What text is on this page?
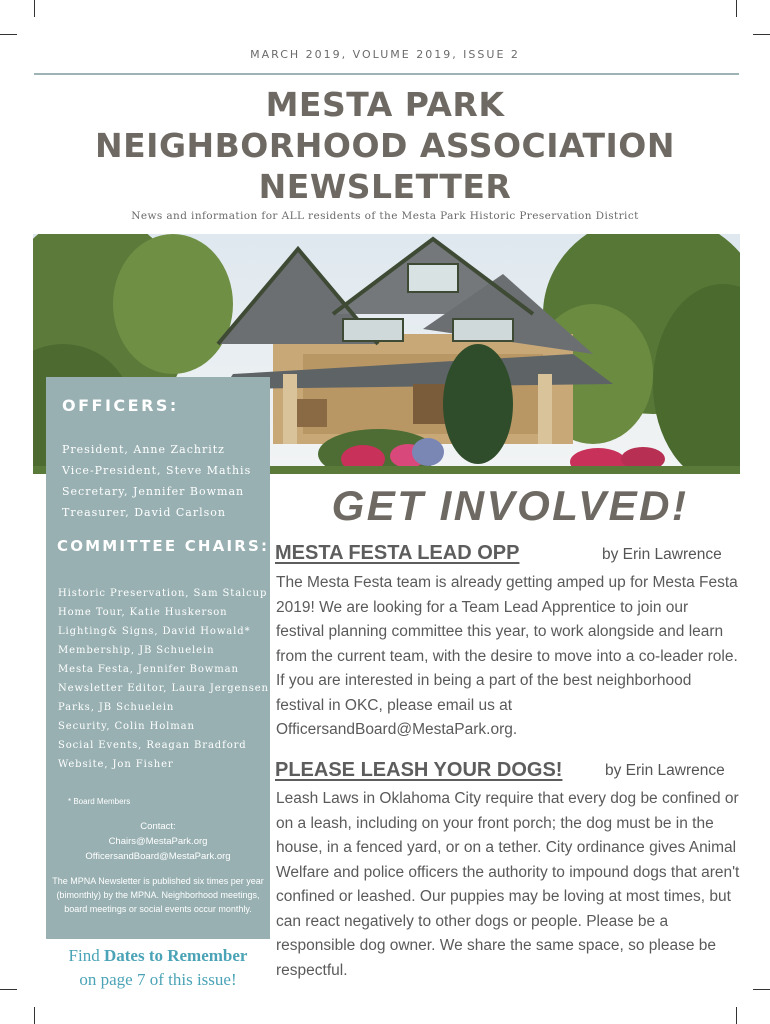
MARCH 2019, VOLUME 2019, ISSUE 2
MESTA PARK
NEIGHBORHOOD ASSOCIATION
NEWSLETTER
News and information for ALL residents of the Mesta Park Historic Preservation District
OFFICERS:
President, Anne Zachritz
Vice-President, Steve Mathis
Secretary, Jennifer Bowman
Treasurer, David Carlson
Historic Preservation, Sam Stalcup
Home Tour, Katie Huskerson
Lighting& Signs, David Howald*
Membership, JB Schuelein
Mesta Festa, Jennifer Bowman
Newsletter Editor, Laura Jergensen
Parks, JB Schuelein
Security, Colin Holman
Social Events, Reagan Bradford
Website, Jon Fisher
* Board Members
Contact:
Chairs@MestaPark.org
OfficersandBoard@MestaPark.org
The MPNA Newsletter is published six times per year (bimonthly) by the MPNA. Neighborhood meetings, board meetings or social events occur monthly.
COMMITTEE CHAIRS:
Find Dates to Remember
on page 7 of this issue!
GET INVOLVED!
MESTA FESTA LEAD OPP	by Erin Lawrence
The Mesta Festa team is already getting amped up for Mesta Festa 2019! We are looking for a Team Lead Apprentice to join our festival planning committee this year, to work alongside and learn from the current team, with the desire to move into a co-leader role. If you are interested in being a part of the best neighborhood festival in OKC, please email us at OfficersandBoard@MestaPark.org.
PLEASE LEASH YOUR DOGS!	by Erin Lawrence
Leash Laws in Oklahoma City require that every dog be confined or on a leash, including on your front porch; the dog must be in the house, in a fenced yard, or on a tether. City ordinance gives Animal Welfare and police officers the authority to impound dogs that aren't confined or leashed. Our puppies may be loving at most times, but can react negatively to other dogs or people. Please be a responsible dog owner. We share the same space, so please be respectful.
